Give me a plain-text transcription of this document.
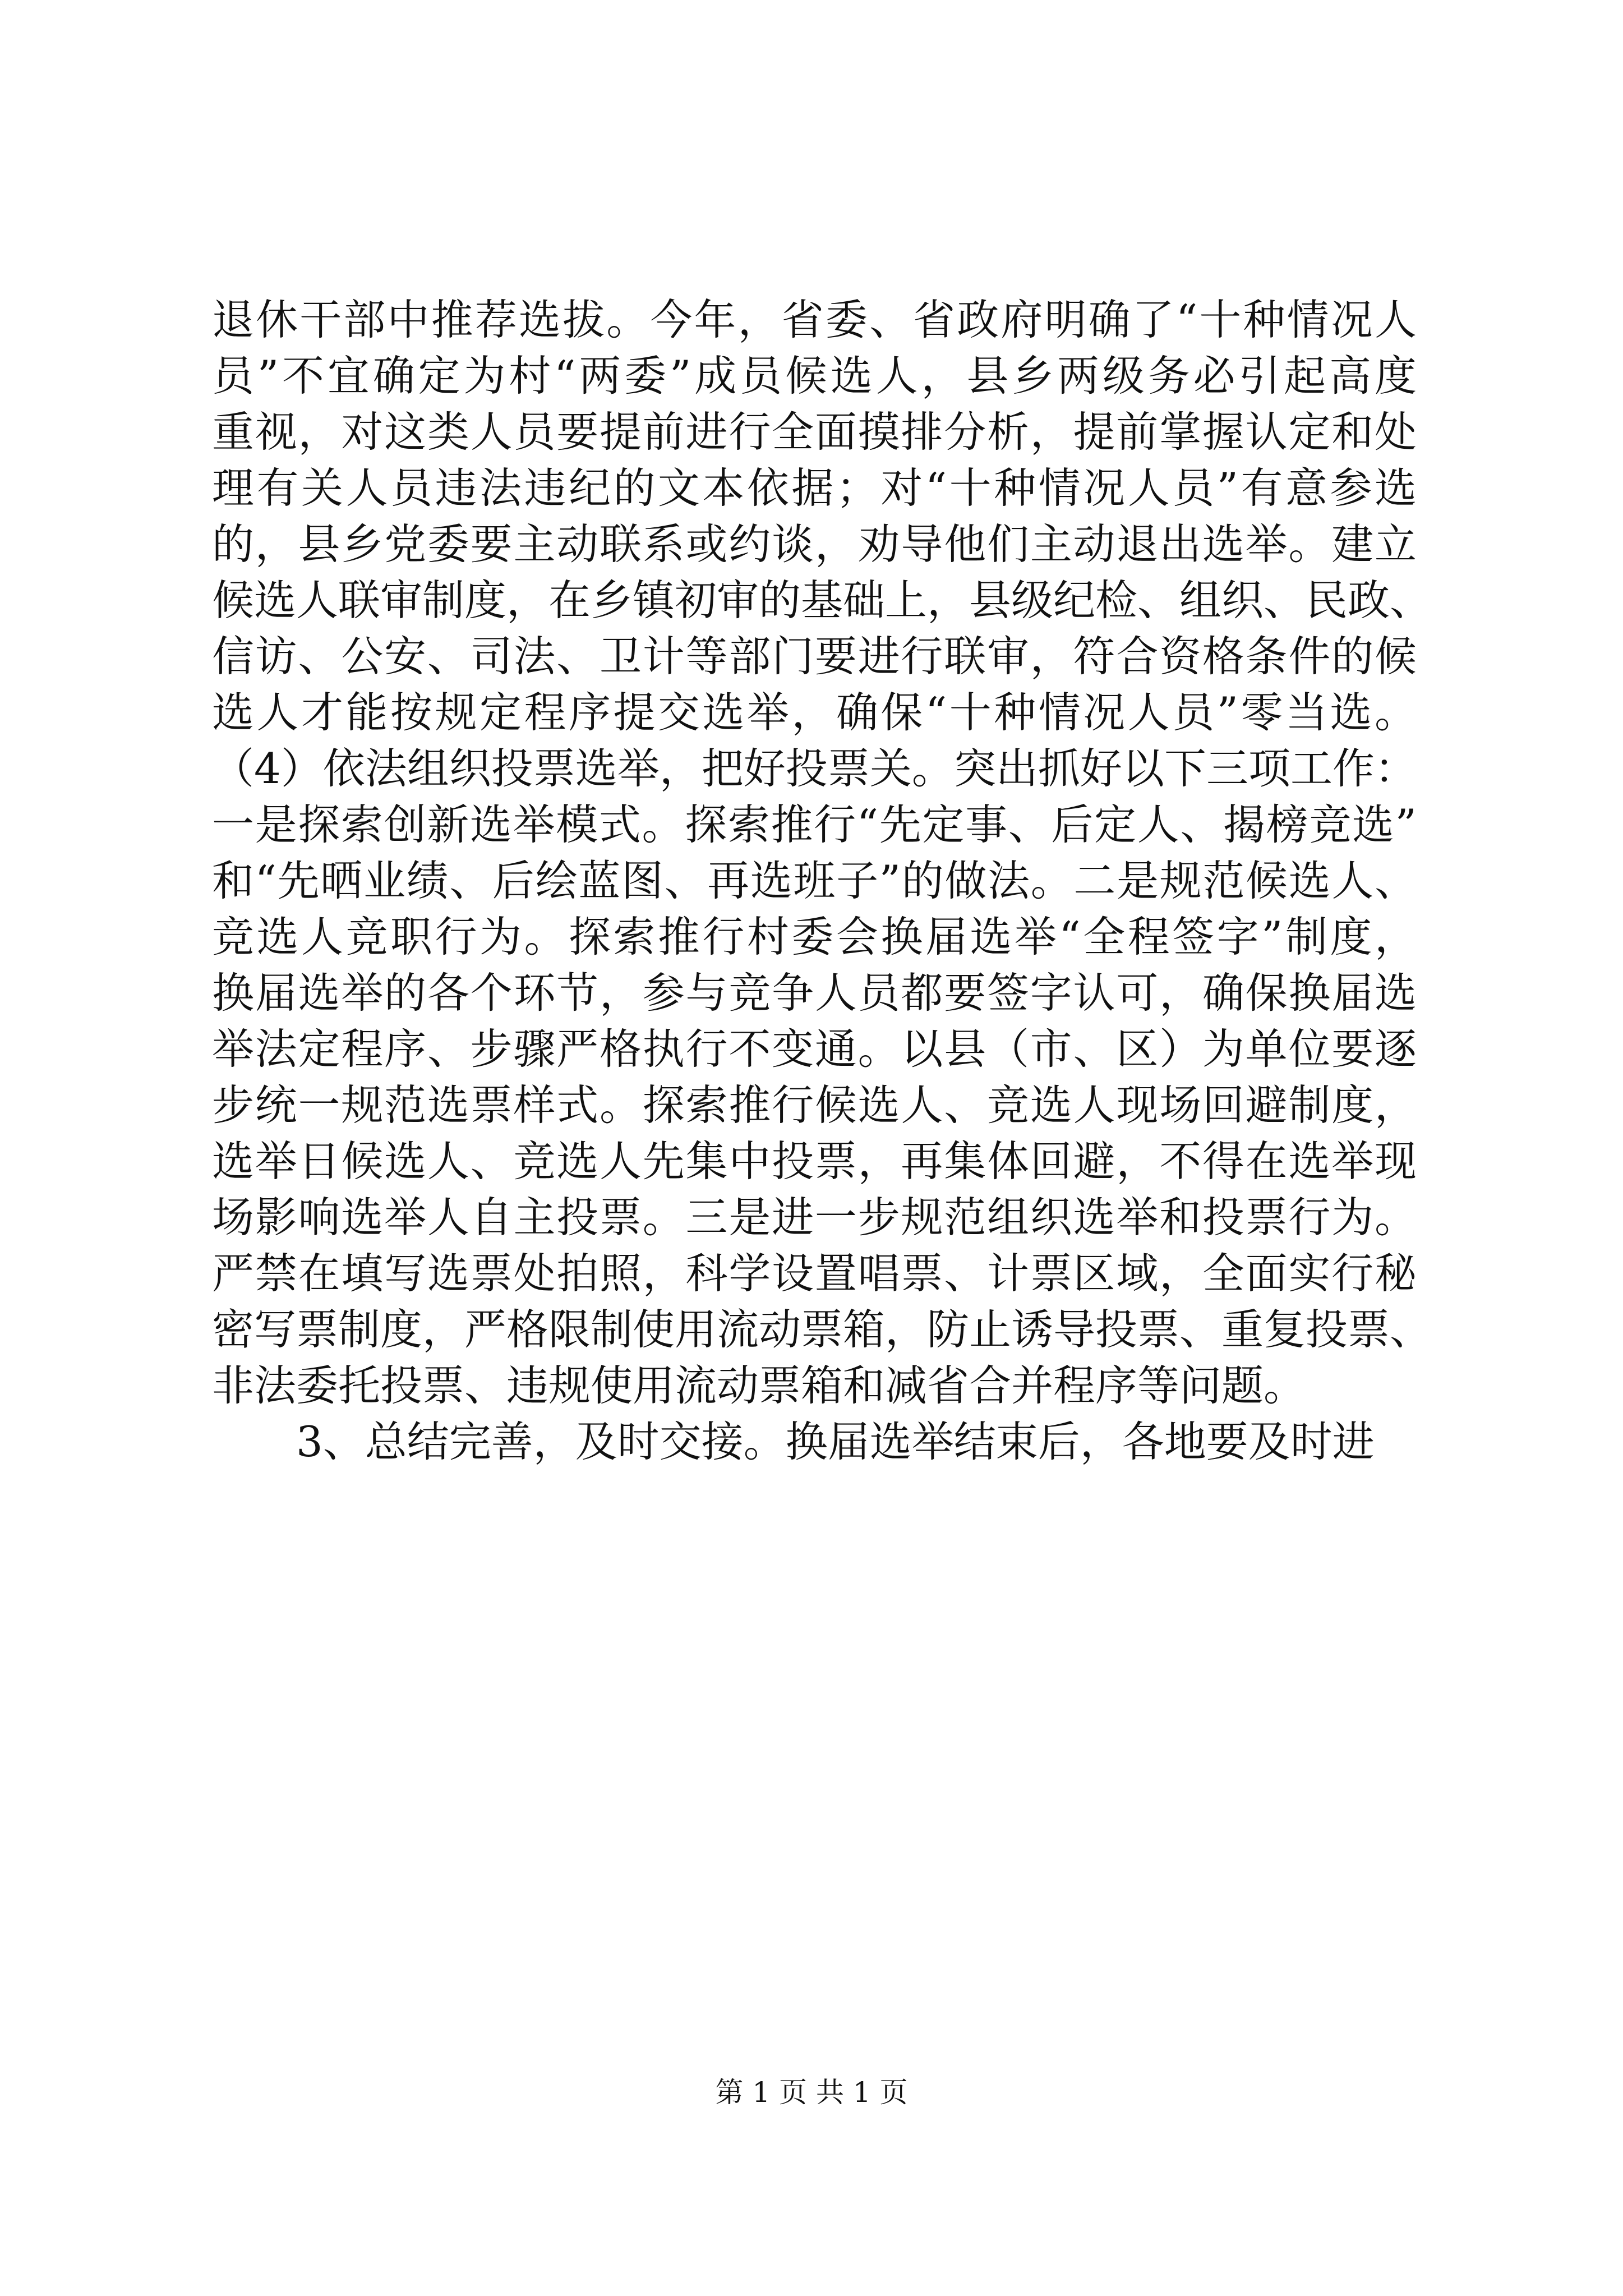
退休干部中推荐选拔。今年，省委、省政府明确了“十种情况人
员”不宜确定为村“两委”成员候选人，县乡两级务必引起高度
重视，对这类人员要提前进行全面摸排分析，提前掌握认定和处
理有关人员违法违纪的文本依据；对“十种情况人员”有意参选
的，县乡党委要主动联系或约谈，劝导他们主动退出选举。建立
候选人联审制度，在乡镇初审的基础上，县级纪检、组织、民政、
信访、公安、司法、卫计等部门要进行联审，符合资格条件的候
选人才能按规定程序提交选举，确保“十种情况人员”零当选。
（4）依法组织投票选举，把好投票关。突出抓好以下三项工作：
一是探索创新选举模式。探索推行“先定事、后定人、揭榜竞选”
和“先晒业绩、后绘蓝图、再选班子”的做法。二是规范候选人、
竞选人竞职行为。探索推行村委会换届选举“全程签字”制度，
换届选举的各个环节，参与竞争人员都要签字认可，确保换届选
举法定程序、步骤严格执行不变通。以县（市、区）为单位要逐
步统一规范选票样式。探索推行候选人、竞选人现场回避制度，
选举日候选人、竞选人先集中投票，再集体回避，不得在选举现
场影响选举人自主投票。三是进一步规范组织选举和投票行为。
严禁在填写选票处拍照，科学设置唱票、计票区域，全面实行秘
密写票制度，严格限制使用流动票箱，防止诱导投票、重复投票、
非法委托投票、违规使用流动票箱和减省合并程序等问题。
3、总结完善，及时交接。换届选举结束后，各地要及时进
第 1 页 共 1 页
